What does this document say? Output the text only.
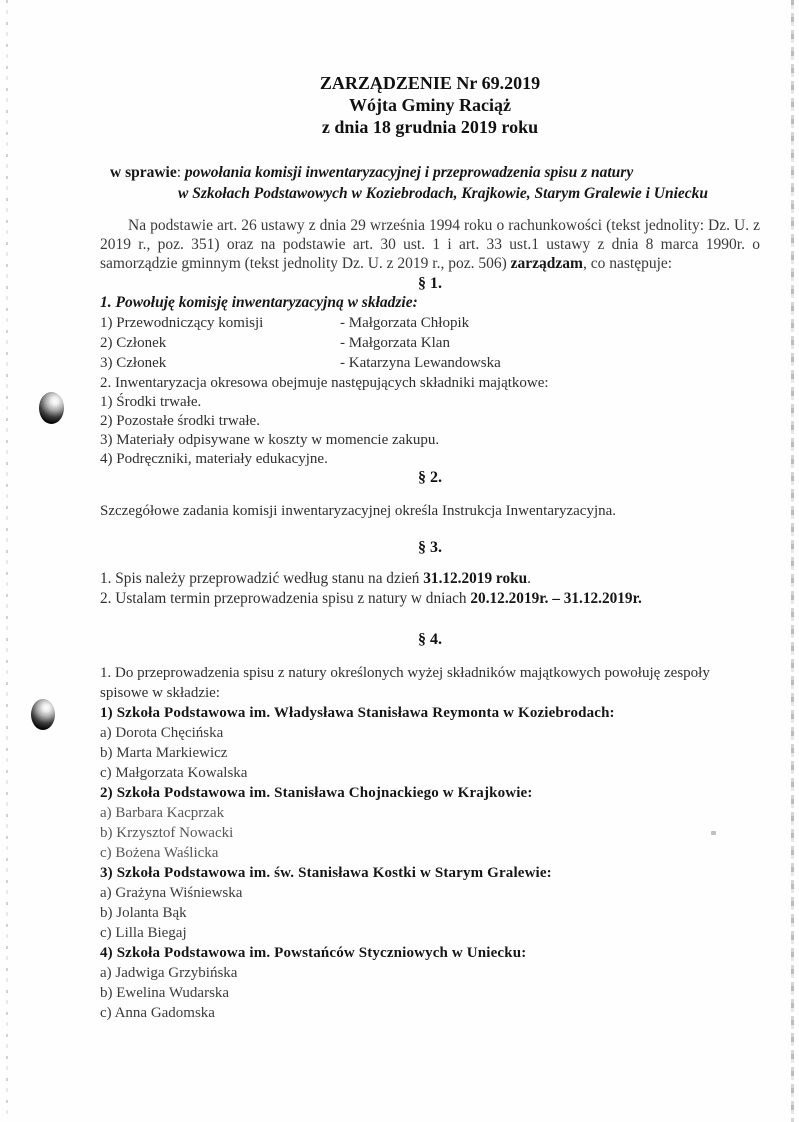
ZARZĄDZENIE Nr 69.2019
Wójta Gminy Raciąż
z dnia 18 grudnia 2019 roku
w sprawie: powołania komisji inwentaryzacyjnej i przeprowadzenia spisu z natury
w Szkołach Podstawowych w Koziebrodach, Krajkowie, Starym Gralewie i Uniecku

Na podstawie art. 26 ustawy z dnia 29 września 1994 roku o rachunkowości (tekst jednolity: Dz. U. z 2019 r., poz. 351) oraz na podstawie art. 30 ust. 1 i art. 33 ust.1 ustawy z dnia 8 marca 1990r. o samorządzie gminnym (tekst jednolity Dz. U. z 2019 r., poz. 506) zarządzam, co następuje:

§ 1.
1. Powołuję komisję inwentaryzacyjną w składzie:
1) Przewodniczący komisji	- Małgorzata Chłopik
2) Członek	- Małgorzata Klan
3) Członek	- Katarzyna Lewandowska
2. Inwentaryzacja okresowa obejmuje następujących składniki majątkowe:
1) Środki trwałe.
2) Pozostałe środki trwałe.
3) Materiały odpisywane w koszty w momencie zakupu.
4) Podręczniki, materiały edukacyjne.
§ 2.
Szczegółowe zadania komisji inwentaryzacyjnej określa Instrukcja Inwentaryzacyjna.
§ 3.
1. Spis należy przeprowadzić według stanu na dzień 31.12.2019 roku.
2. Ustalam termin przeprowadzenia spisu z natury w dniach 20.12.2019r. – 31.12.2019r.
§ 4.
1. Do przeprowadzenia spisu z natury określonych wyżej składników majątkowych powołuję zespoły spisowe w składzie:
1) Szkoła Podstawowa im. Władysława Stanisława Reymonta w Koziebrodach:
a) Dorota Chęcińska
b) Marta Markiewicz
c) Małgorzata Kowalska
2) Szkoła Podstawowa im. Stanisława Chojnackiego w Krajkowie:
a) Barbara Kacprzak
b) Krzysztof Nowacki
c) Bożena Waślicka
3) Szkoła Podstawowa im. św. Stanisława Kostki w Starym Gralewie:
a) Grażyna Wiśniewska
b) Jolanta Bąk
c) Lilla Biegaj
4) Szkoła Podstawowa im. Powstańców Styczniowych w Uniecku:
a) Jadwiga Grzybińska
b) Ewelina Wudarska
c) Anna Gadomska
